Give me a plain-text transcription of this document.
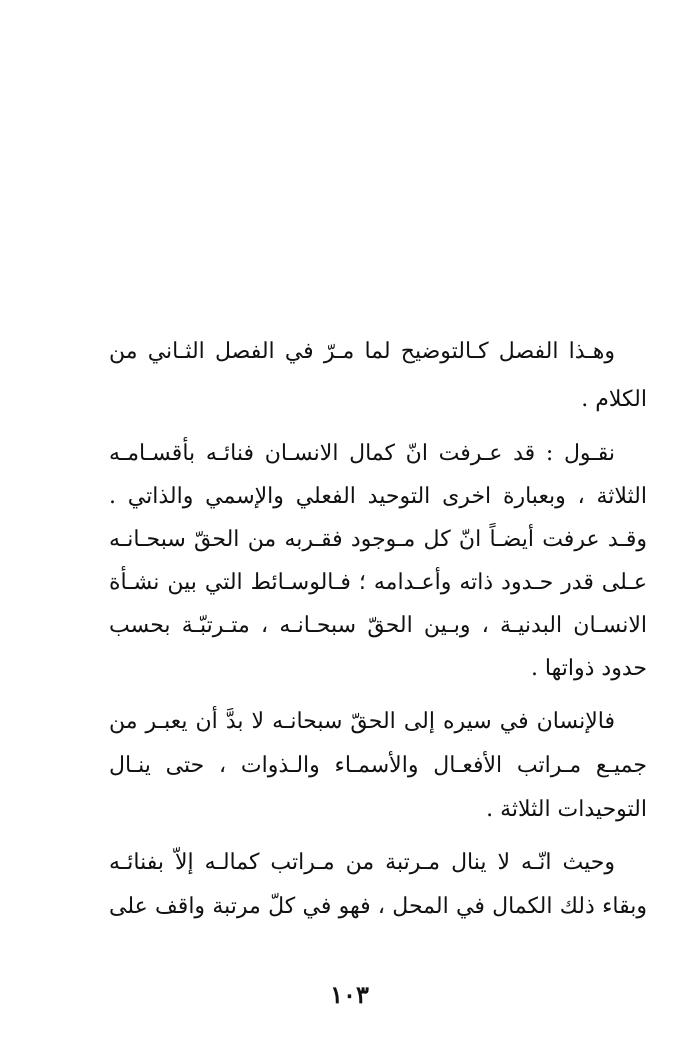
وهـذا الفصل كـالتوضيح لما مـرّ في الفصل الثـاني من
الكلام .
نقـول : قد عـرفت انّ كمال الانسـان فنائـه بأقسـامـه
الثلاثة ، وبعبارة اخرى التوحيد الفعلي والإسمي والذاتي .
وقـد عرفت أيضـاً انّ كل مـوجود فقـربه من الحقّ سبحـانـه
عـلى قدر حـدود ذاته وأعـدامه ؛ فـالوسـائط التي بين نشـأة
الانسـان البدنيـة ، وبـين الحقّ سبحـانـه ، متـرتبّـة بحسب
حدود ذواتها .
فالإنسان في سيره إلى الحقّ سبحانـه لا بدَّ أن يعبـر من
جميـع مـراتب الأفعـال والأسمـاء والـذوات ، حتى ينـال
التوحيدات الثلاثة .
وحيث انّـه لا ينال مـرتبة من مـراتب كمالـه إلاّ بفنائـه
وبقاء ذلك الكمال في المحل ، فهو في كلّ مرتبة واقف على
١٠٣
